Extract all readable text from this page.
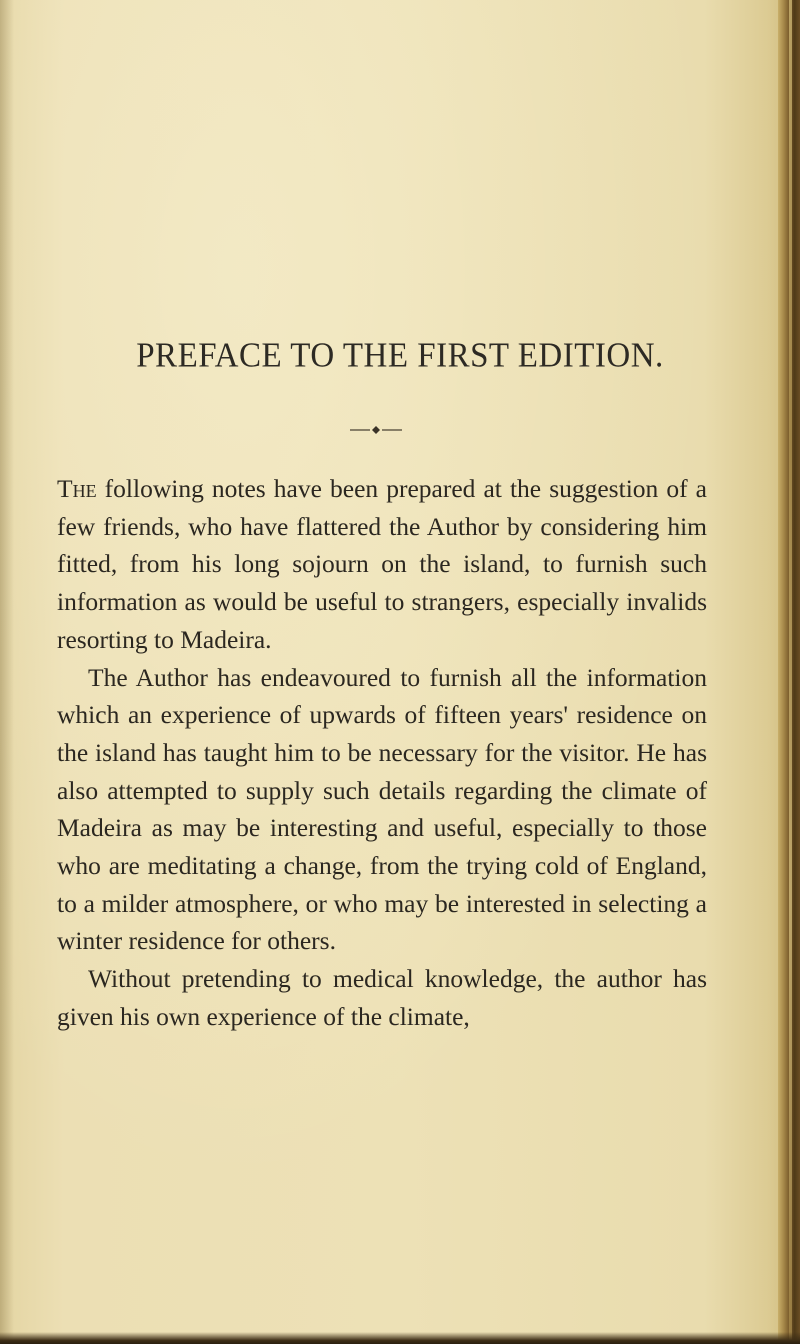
PREFACE TO THE FIRST EDITION.

The following notes have been prepared at the suggestion of a few friends, who have flattered the Author by considering him fitted, from his long sojourn on the island, to furnish such information as would be useful to strangers, especially invalids resorting to Madeira.

The Author has endeavoured to furnish all the information which an experience of upwards of fifteen years' residence on the island has taught him to be necessary for the visitor. He has also attempted to supply such details regarding the climate of Madeira as may be interesting and useful, especially to those who are meditating a change, from the trying cold of England, to a milder atmosphere, or who may be interested in selecting a winter residence for others.

Without pretending to medical knowledge, the author has given his own experience of the climate,
